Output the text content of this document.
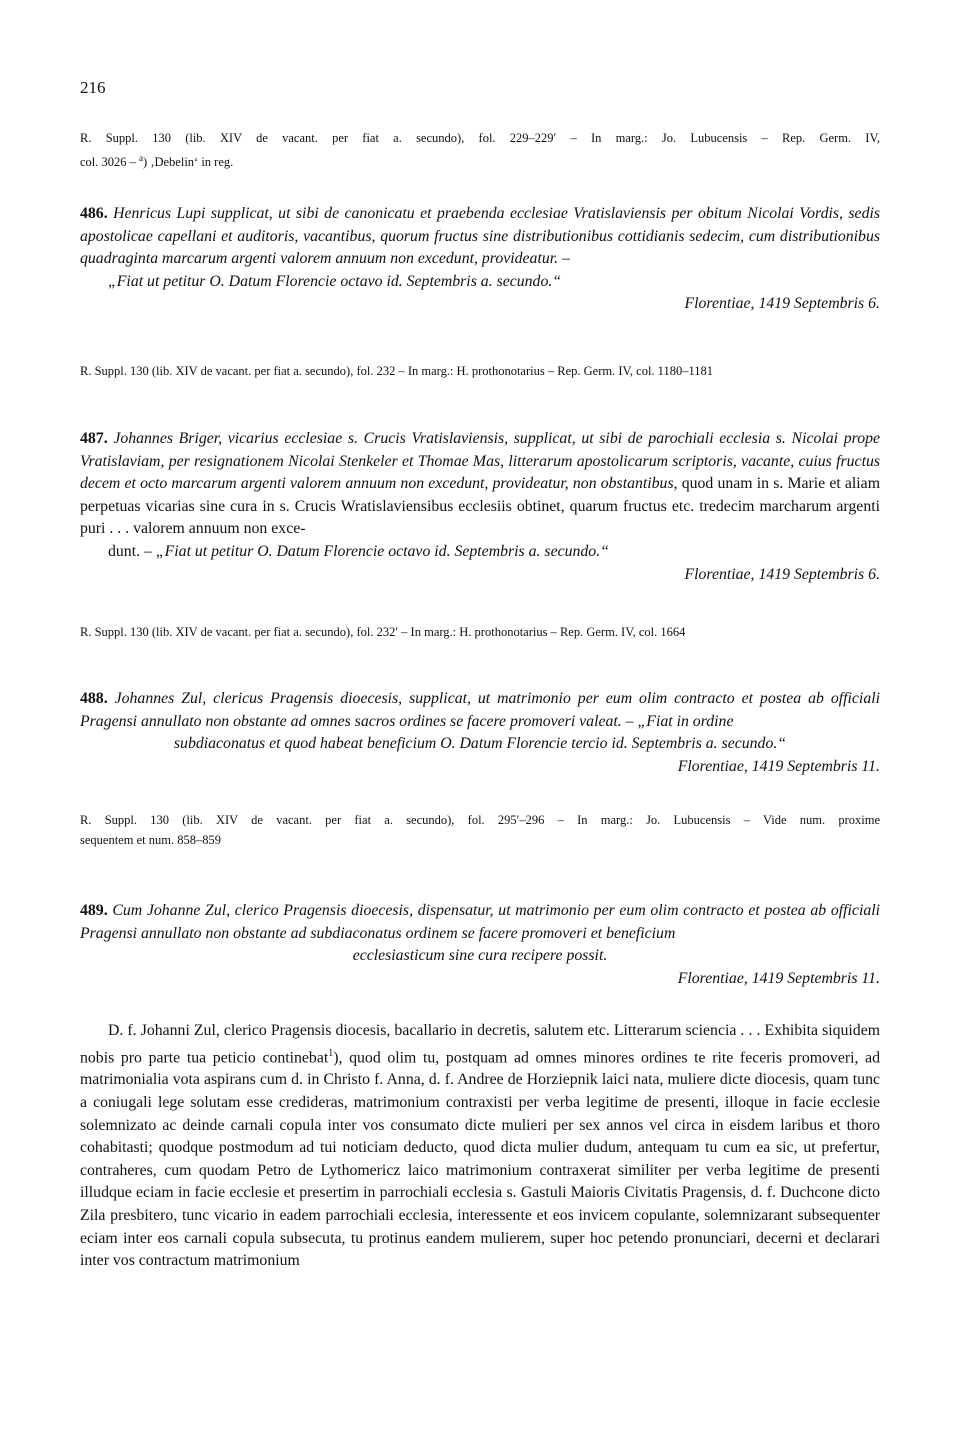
216
R. Suppl. 130 (lib. XIV de vacant. per fiat a. secundo), fol. 229–229′ – In marg.: Jo. Lubucensis – Rep. Germ. IV,
col. 3026 – $^a$) ‚Debelin‘ in reg.
486. Henricus Lupi supplicat, ut sibi de canonicatu et praebenda ecclesiae Vratislaviensis per obitum Nicolai Vordis, sedis apostolicae capellani et auditoris, vacantibus, quorum fructus sine distributionibus cottidianis sedecim, cum distributionibus quadraginta marcarum argenti valorem annuum non excedunt, provideatur. –
„Fiat ut petitur O. Datum Florencie octavo id. Septembris a. secundo.“
Florentiae, 1419 Septembris 6.
R. Suppl. 130 (lib. XIV de vacant. per fiat a. secundo), fol. 232 – In marg.: H. prothonotarius – Rep. Germ. IV, col. 1180–1181
487. Johannes Briger, vicarius ecclesiae s. Crucis Vratislaviensis, supplicat, ut sibi de parochiali ecclesia s. Nicolai prope Vratislaviam, per resignationem Nicolai Stenkeler et Thomae Mas, litterarum apostolicarum scriptoris, vacante, cuius fructus decem et octo marcarum argenti valorem annuum non excedunt, provideatur, non obstantibus, quod unam in s. Marie et aliam perpetuas vicarias sine cura in s. Crucis Wratislaviensibus ecclesiis obtinet, quarum fructus etc. tredecim marcharum argenti puri . . . valorem annuum non exce-
dunt. – „Fiat ut petitur O. Datum Florencie octavo id. Septembris a. secundo.“
Florentiae, 1419 Septembris 6.
R. Suppl. 130 (lib. XIV de vacant. per fiat a. secundo), fol. 232′ – In marg.: H. prothonotarius – Rep. Germ. IV, col. 1664
488. Johannes Zul, clericus Pragensis dioecesis, supplicat, ut matrimonio per eum olim contracto et postea ab officiali Pragensi annullato non obstante ad omnes sacros ordines se facere promoveri valeat. – „Fiat in ordine
subdiaconatus et quod habeat beneficium O. Datum Florencie tercio id. Septembris a. secundo.“
Florentiae, 1419 Septembris 11.
R. Suppl. 130 (lib. XIV de vacant. per fiat a. secundo), fol. 295′–296 – In marg.: Jo. Lubucensis – Vide num. proxime
sequentem et num. 858–859
489. Cum Johanne Zul, clerico Pragensis dioecesis, dispensatur, ut matrimonio per eum olim contracto et postea ab officiali Pragensi annullato non obstante ad subdiaconatus ordinem se facere promoveri et beneficium
ecclesiasticum sine cura recipere possit.
Florentiae, 1419 Septembris 11.
D. f. Johanni Zul, clerico Pragensis diocesis, bacallario in decretis, salutem etc. Litterarum sciencia . . . Exhibita siquidem nobis pro parte tua peticio continebat$^1$), quod olim tu, postquam ad omnes minores ordines te rite feceris promoveri, ad matrimonialia vota aspirans cum d. in Christo f. Anna, d. f. Andree de Horziepnik laici nata, muliere dicte diocesis, quam tunc a coniugali lege solutam esse credideras, matrimonium contraxisti per verba legitime de presenti, illoque in facie ecclesie solemnizato ac deinde carnali copula inter vos consumato dicte mulieri per sex annos vel circa in eisdem laribus et thoro cohabitasti; quodque postmodum ad tui noticiam deducto, quod dicta mulier dudum, antequam tu cum ea sic, ut prefertur, contraheres, cum quodam Petro de Lythomericz laico matrimonium contraxerat similiter per verba legitime de presenti illudque eciam in facie ecclesie et presertim in parrochiali ecclesia s. Gastuli Maioris Civitatis Pragensis, d. f. Duchcone dicto Zila presbitero, tunc vicario in eadem parrochiali ecclesia, interessente et eos invicem copulante, solemnizarant subsequenter eciam inter eos carnali copula subsecuta, tu protinus eandem mulierem, super hoc petendo pronunciari, decerni et declarari inter vos contractum matrimonium
